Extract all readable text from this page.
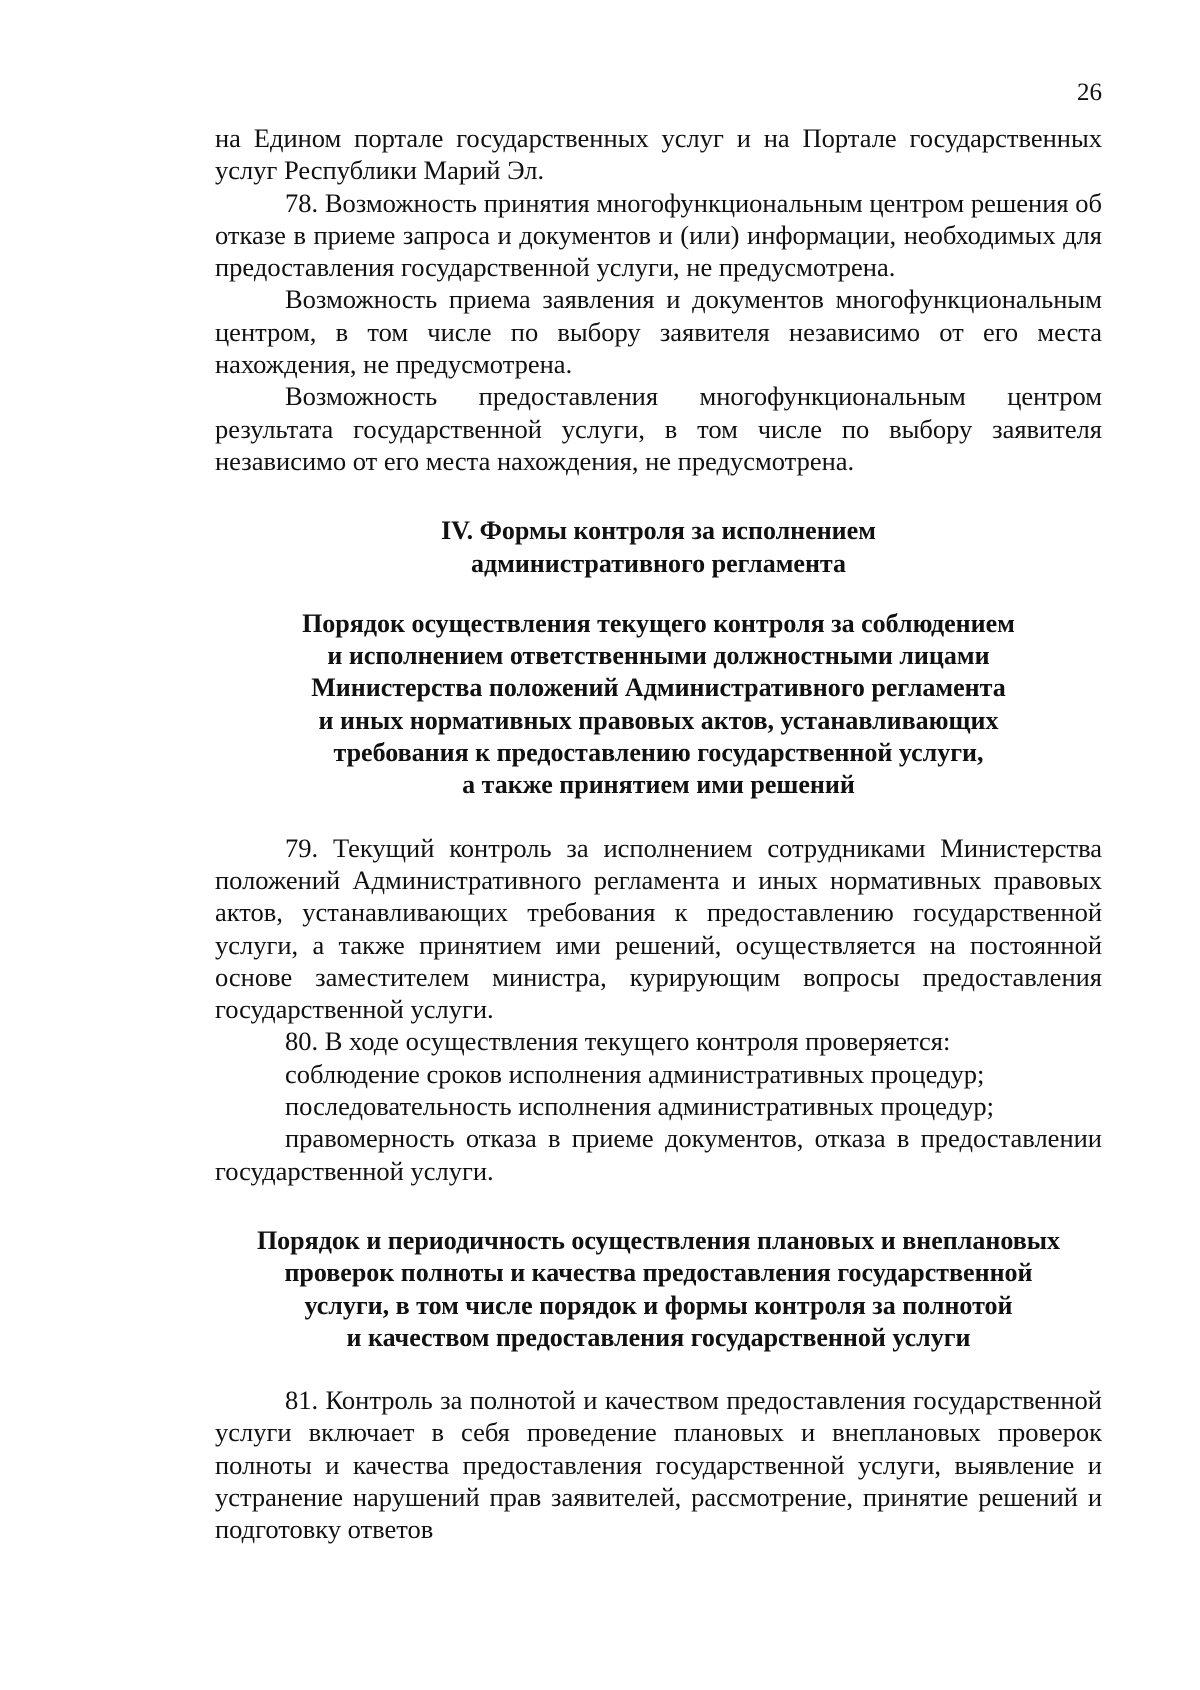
26

на Едином портале государственных услуг и на Портале государственных услуг Республики Марий Эл.

78. Возможность принятия многофункциональным центром решения об отказе в приеме запроса и документов и (или) информации, необходимых для предоставления государственной услуги, не предусмотрена.

Возможность приема заявления и документов многофункциональным центром, в том числе по выбору заявителя независимо от его места нахождения, не предусмотрена.

Возможность предоставления многофункциональным центром результата государственной услуги, в том числе по выбору заявителя независимо от его места нахождения, не предусмотрена.

IV. Формы контроля за исполнением

административного регламента

Порядок осуществления текущего контроля за соблюдением

и исполнением ответственными должностными лицами

Министерства положений Административного регламента

и иных нормативных правовых актов, устанавливающих

требования к предоставлению государственной услуги,

а также принятием ими решений

79. Текущий контроль за исполнением сотрудниками Министерства положений Административного регламента и иных нормативных правовых актов, устанавливающих требования к предоставлению государственной услуги, а также принятием ими решений, осуществляется на постоянной основе заместителем министра, курирующим вопросы предоставления государственной услуги.

80. В ходе осуществления текущего контроля проверяется:

соблюдение сроков исполнения административных процедур;

последовательность исполнения административных процедур;

правомерность отказа в приеме документов, отказа в предоставлении государственной услуги.

Порядок и периодичность осуществления плановых и внеплановых

проверок полноты и качества предоставления государственной

услуги, в том числе порядок и формы контроля за полнотой

и качеством предоставления государственной услуги

81. Контроль за полнотой и качеством предоставления государственной услуги включает в себя проведение плановых и внеплановых проверок полноты и качества предоставления государственной услуги, выявление и устранение нарушений прав заявителей, рассмотрение, принятие решений и подготовку ответов
